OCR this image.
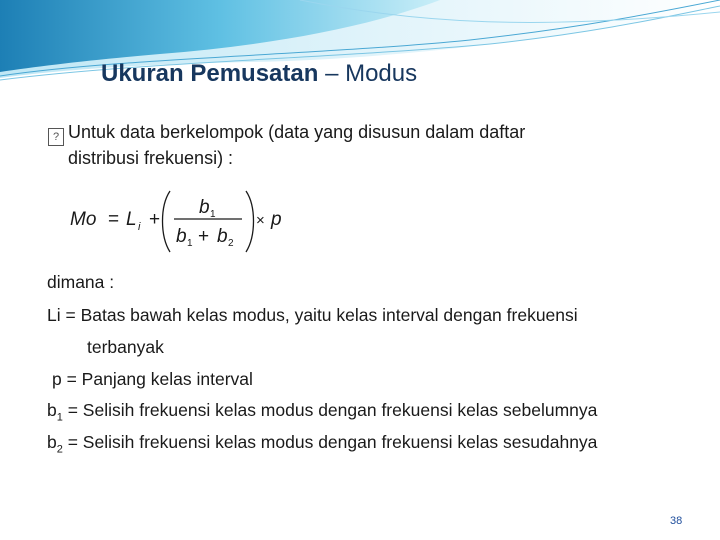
Ukuran Pemusatan – Modus
? Untuk data berkelompok (data yang disusun dalam daftar
distribusi frekuensi) :
Mo = L i +
b 1
b 1 + b 2
× p
dimana :
Li = Batas bawah kelas modus, yaitu kelas interval dengan frekuensi
terbanyak
p = Panjang kelas interval
$b_1$ = Selisih frekuensi kelas modus dengan frekuensi kelas sebelumnya
$b_2$ = Selisih frekuensi kelas modus dengan frekuensi kelas sesudahnya
38
